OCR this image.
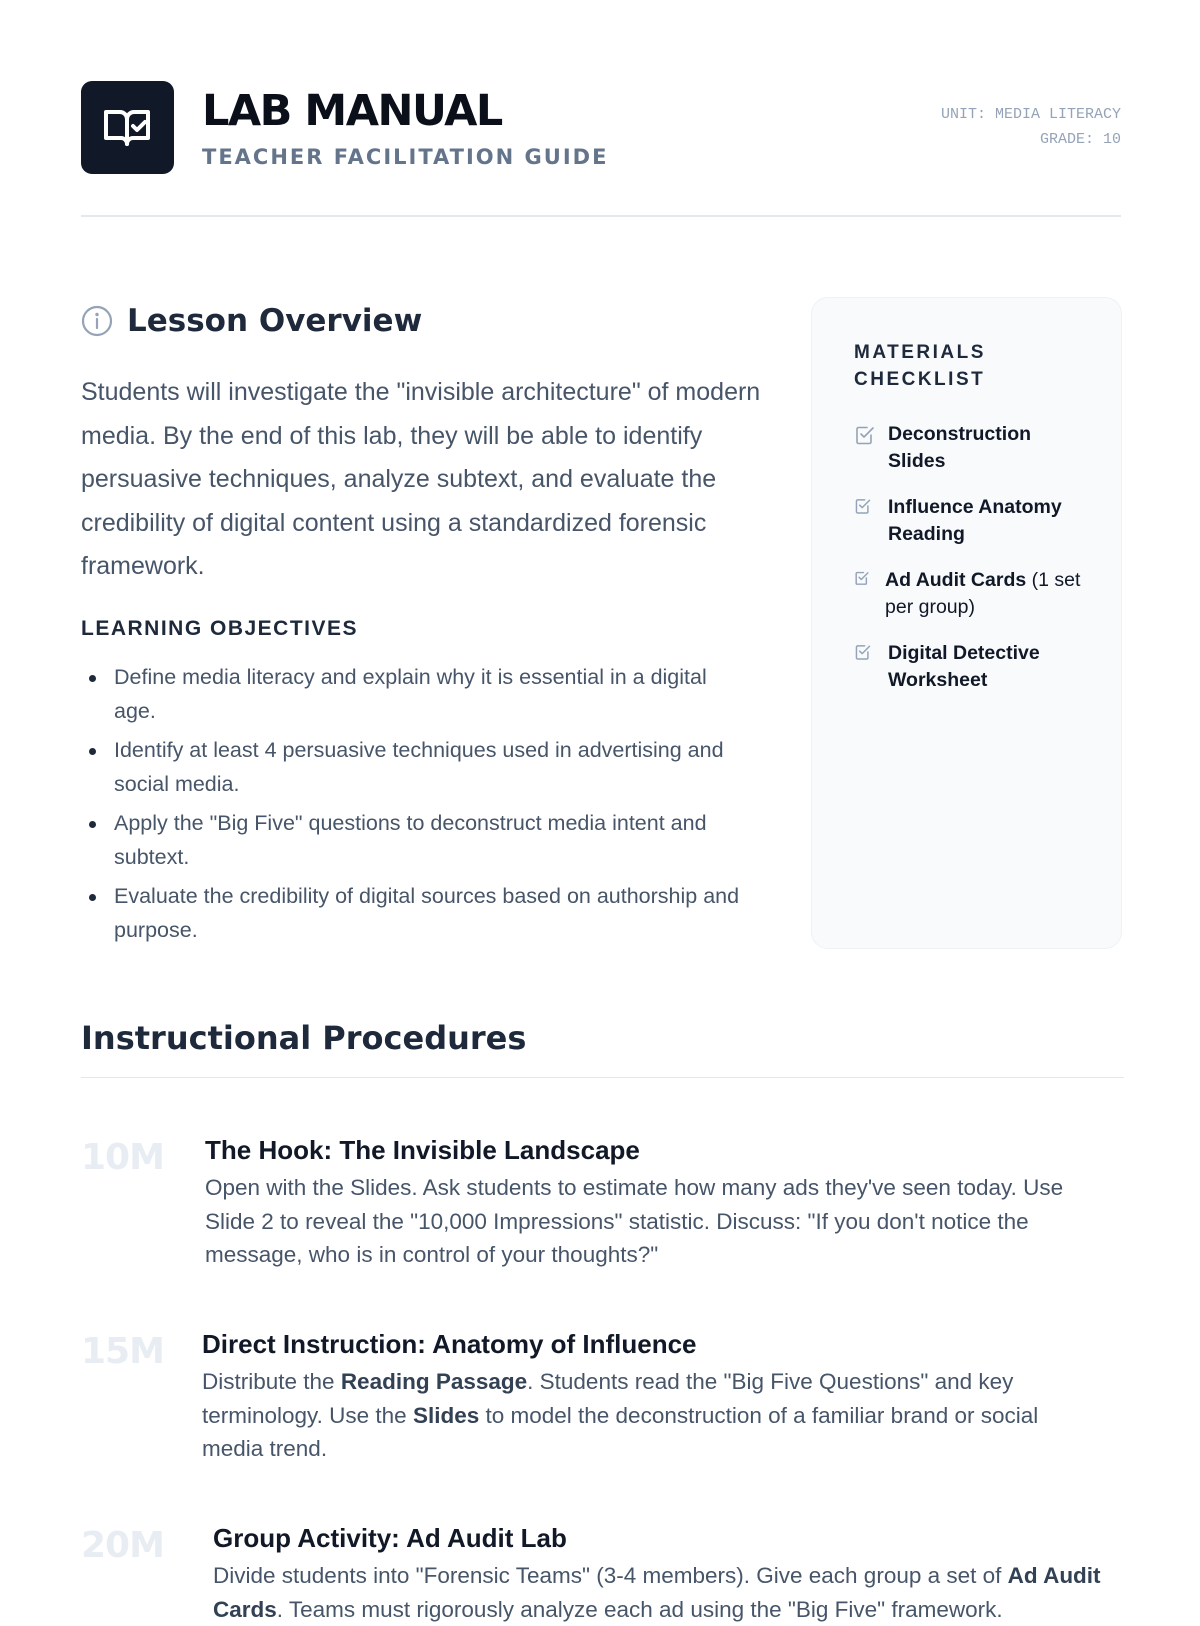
LAB MANUAL
TEACHER FACILITATION GUIDE
UNIT: MEDIA LITERACY
GRADE: 10
Lesson Overview

Students will investigate the "invisible architecture" of modern media. By the end of this lab, they will be able to identify persuasive techniques, analyze subtext, and evaluate the credibility of digital content using a standardized forensic framework.

LEARNING OBJECTIVES
Define media literacy and explain why it is essential in a digital age.
Identify at least 4 persuasive techniques used in advertising and social media.
Apply the "Big Five" questions to deconstruct media intent and subtext.
Evaluate the credibility of digital sources based on authorship and purpose.
MATERIALS CHECKLIST
Deconstruction Slides
Influence Anatomy Reading
Ad Audit Cards (1 set per group)
Digital Detective Worksheet
Instructional Procedures
10M The Hook: The Invisible Landscape
Open with the Slides. Ask students to estimate how many ads they've seen today. Use Slide 2 to reveal the "10,000 Impressions" statistic. Discuss: "If you don't notice the message, who is in control of your thoughts?"
15M Direct Instruction: Anatomy of Influence
Distribute the Reading Passage. Students read the "Big Five Questions" and key terminology. Use the Slides to model the deconstruction of a familiar brand or social media trend.
20M Group Activity: Ad Audit Lab
Divide students into "Forensic Teams" (3-4 members). Give each group a set of Ad Audit Cards. Teams must rigorously analyze each ad using the "Big Five" framework.
